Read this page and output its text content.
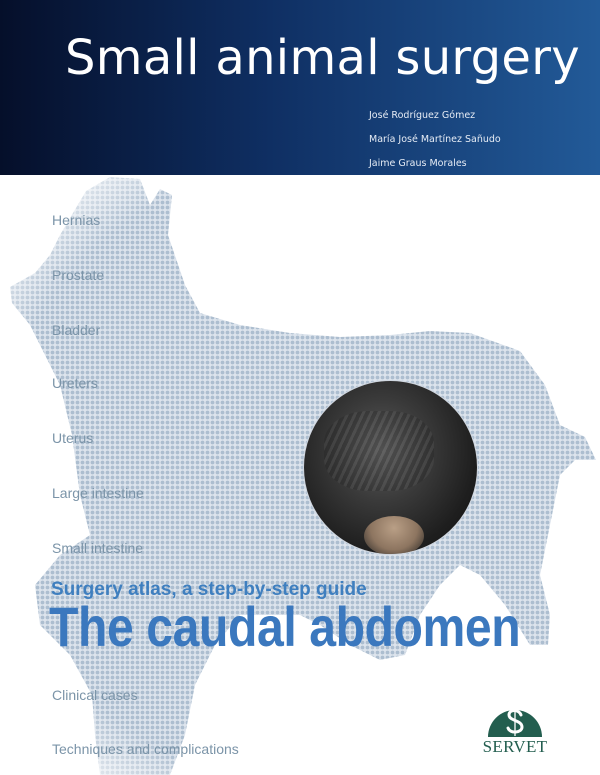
Small animal surgery
José Rodríguez Gómez
María José Martínez Sañudo
Jaime Graus Morales
Hernias
Prostate
Bladder
Ureters
Uterus
Large intestine
Small intestine
Surgery atlas, a step-by-step guide
The caudal abdomen
Clinical cases
Techniques and complications	SERVET
